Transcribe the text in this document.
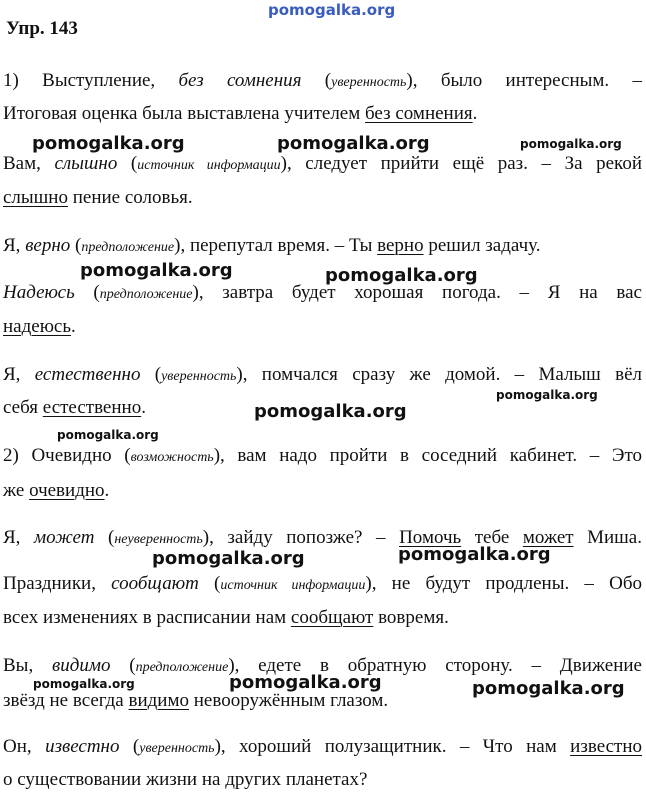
pomogalka.org
pomogalka.org	pomogalka.org	pomogalka.org
pomogalka.org	pomogalka.org
pomogalka.org
pomogalka.org
pomogalka.org
pomogalka.org	pomogalka.org
pomogalka.org	pomogalka.org	pomogalka.org
Упр. 143
1) Выступление, без сомнения (уверенность), было интересным. –
Итоговая оценка была выставлена учителем без сомнения.
Вам, слышно (источник информации), следует прийти ещё раз. – За рекой
слышно пение соловья.
Я, верно (предположение), перепутал время. – Ты верно решил задачу.
Надеюсь (предположение), завтра будет хорошая погода. – Я на вас
надеюсь.
Я, естественно (уверенность), помчался сразу же домой. – Малыш вёл
себя естественно.
2) Очевидно (возможность), вам надо пройти в соседний кабинет. – Это
же очевидно.
Я, может (неуверенность), зайду попозже? – Помочь тебе может Миша.
Праздники, сообщают (источник информации), не будут продлены. – Обо
всех изменениях в расписании нам сообщают вовремя.
Вы, видимо (предположение), едете в обратную сторону. – Движение
звёзд не всегда видимо невооружённым глазом.
Он, известно (уверенность), хороший полузащитник. – Что нам известно
о существовании жизни на других планетах?
